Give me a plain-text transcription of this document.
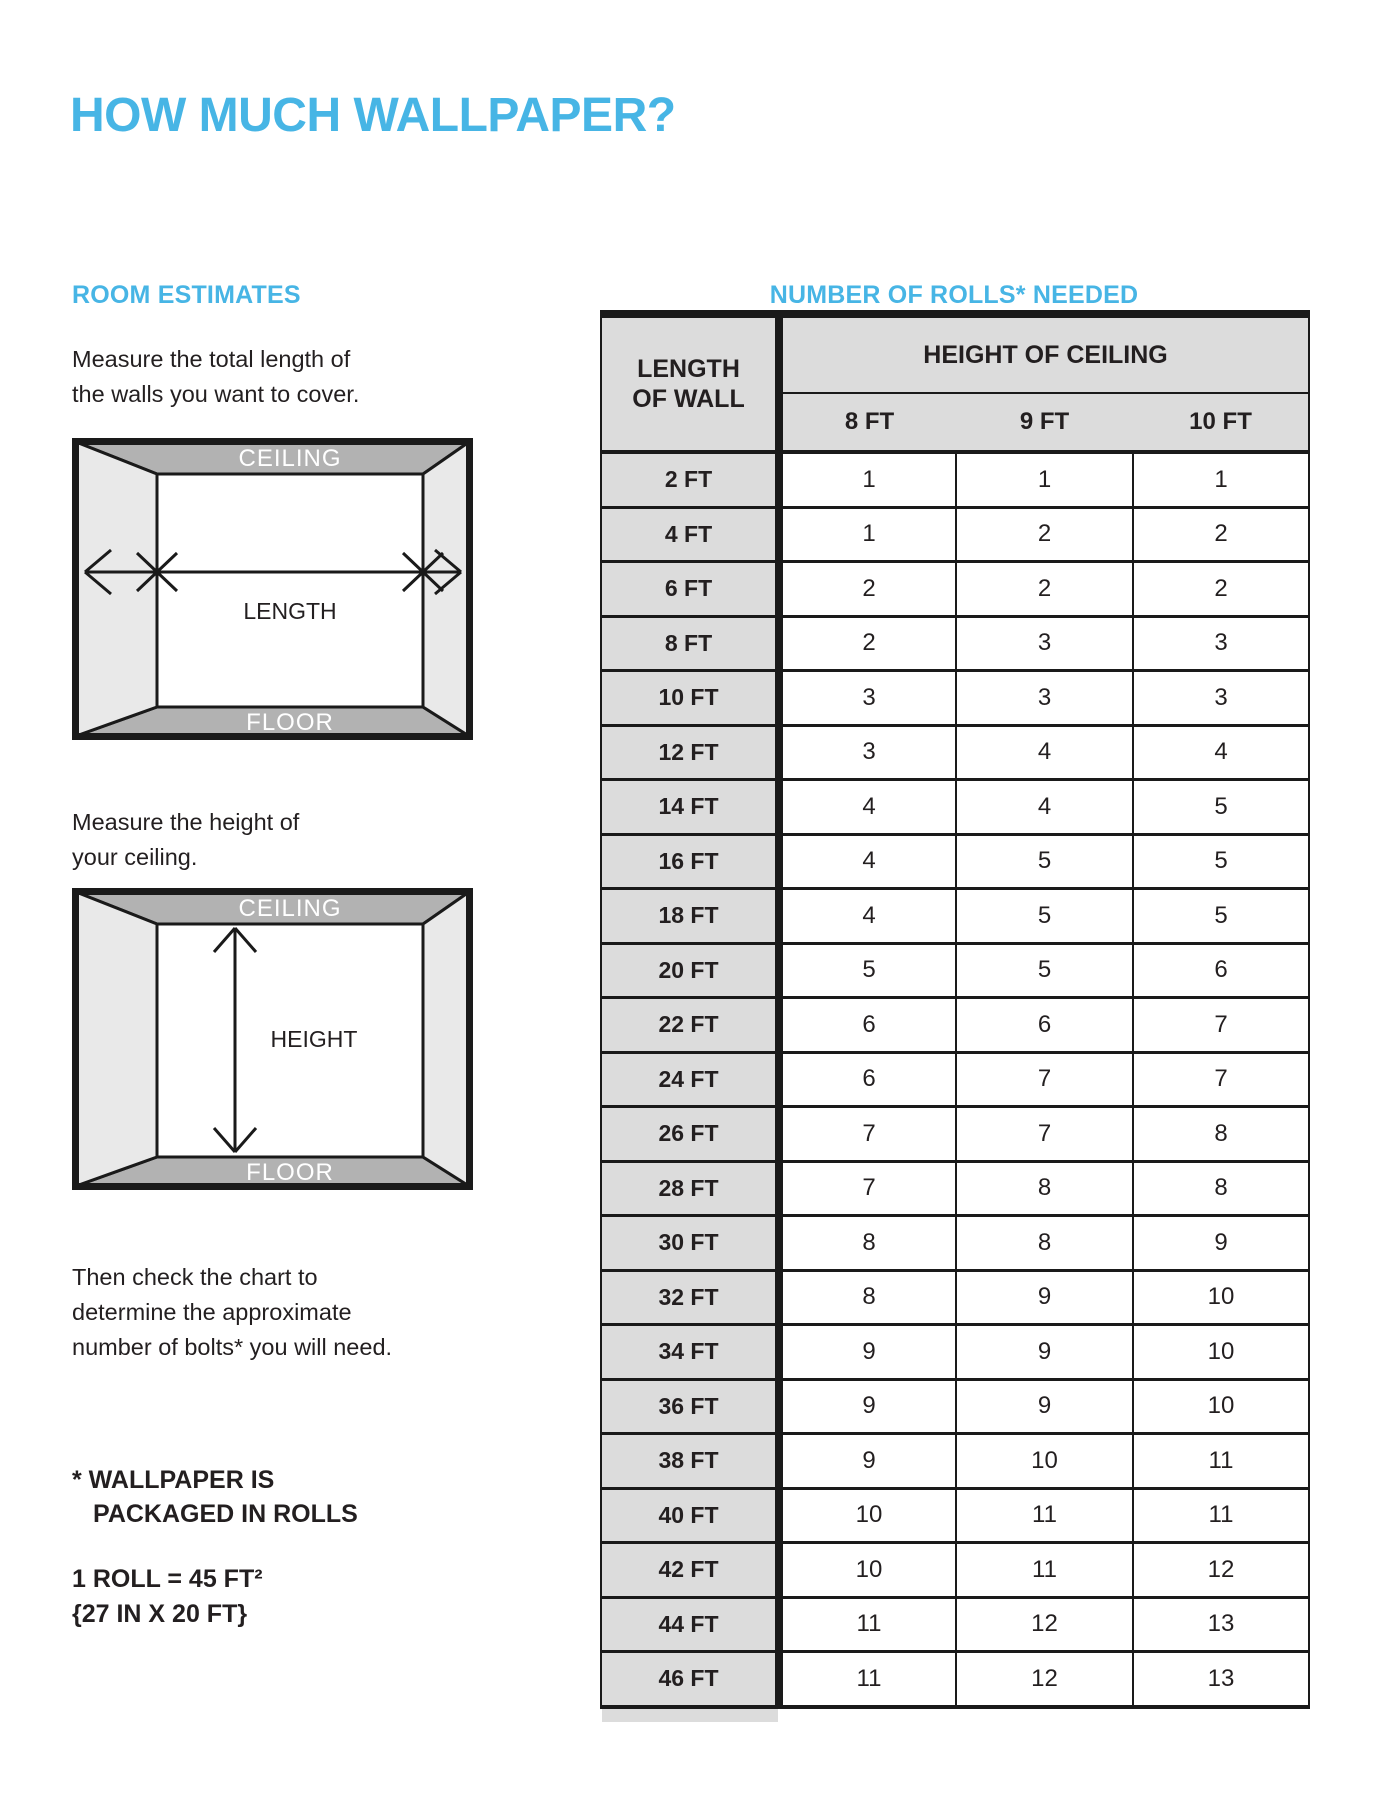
HOW MUCH WALLPAPER?
ROOM ESTIMATES	NUMBER OF ROLLS* NEEDED

Measure the total length of
the walls you want to cover.

CEILING
FLOOR
LENGTH

Measure the height of
your ceiling.

CEILING
FLOOR
HEIGHT

Then check the chart to
determine the approximate
number of bolts* you will need.

* WALLPAPER IS
PACKAGED IN ROLLS

1 ROLL = 45 FT²
{27 IN X 20 FT}

LENGTH
OF WALL	HEIGHT OF CEILING		
	8 FT	9 FT	10 FT
2 FT	1	1	1
4 FT	1	2	2
6 FT	2	2	2
8 FT	2	3	3
10 FT	3	3	3
12 FT	3	4	4
14 FT	4	4	5
16 FT	4	5	5
18 FT	4	5	5
20 FT	5	5	6
22 FT	6	6	7
24 FT	6	7	7
26 FT	7	7	8
28 FT	7	8	8
30 FT	8	8	9
32 FT	8	9	10
34 FT	9	9	10
36 FT	9	9	10
38 FT	9	10	11
40 FT	10	11	11
42 FT	10	11	12
44 FT	11	12	13
46 FT	11	12	13
